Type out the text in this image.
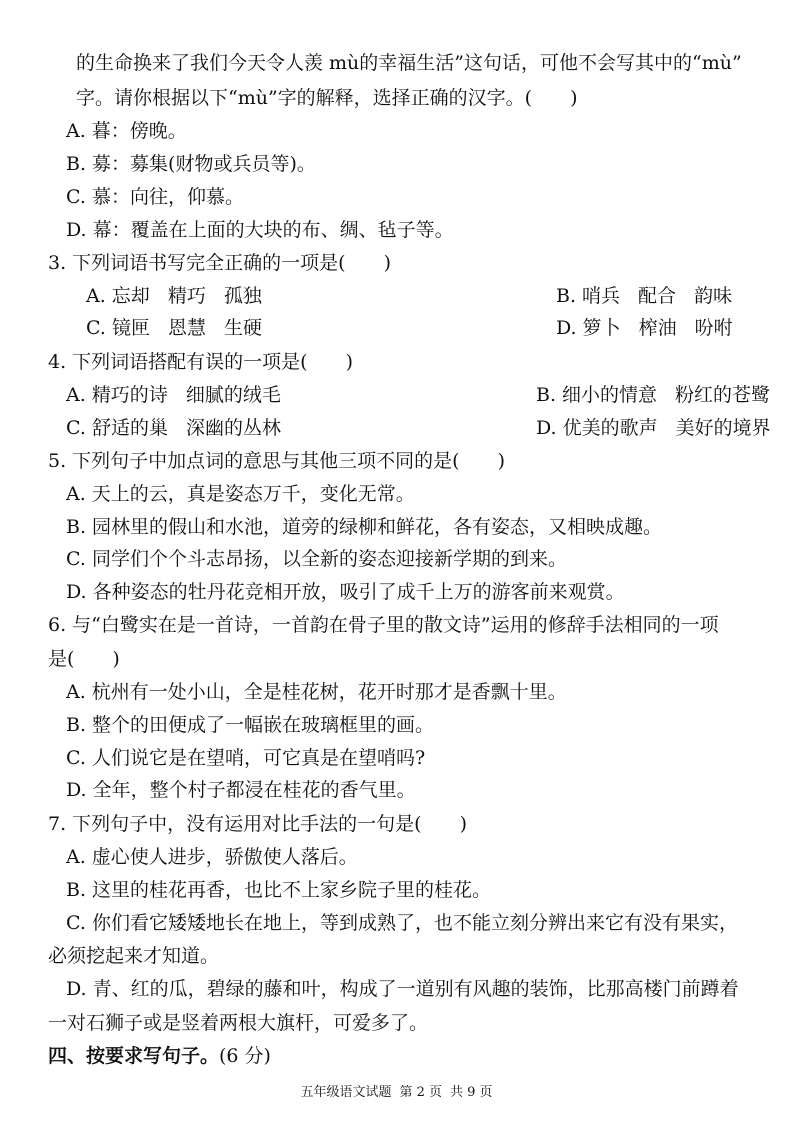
的生命换来了我们今天令人羡 mù的幸福生活”这句话，可他不会写其中的“mù”
字。请你根据以下“mù”字的解释，选择正确的汉字。(　　)
A. 暮：傍晚。
B. 募：募集(财物或兵员等)。
C. 慕：向往，仰慕。
D. 幕：覆盖在上面的大块的布、绸、毡子等。
3. 下列词语书写完全正确的一项是(　　)
A. 忘却 精巧 孤独	B. 哨兵 配合 韵味
C. 镜匣 恩慧 生硬	D. 箩卜 榨油 吩咐
4. 下列词语搭配有误的一项是(　　)
A. 精巧的诗 细腻的绒毛	B. 细小的情意 粉红的苍鹭
C. 舒适的巢 深幽的丛林	D. 优美的歌声 美好的境界
5. 下列句子中加点词的意思与其他三项不同的是(　　)
A. 天上的云，真是姿态万千，变化无常。
B. 园林里的假山和水池，道旁的绿柳和鲜花，各有姿态，又相映成趣。
C. 同学们个个斗志昂扬，以全新的姿态迎接新学期的到来。
D. 各种姿态的牡丹花竞相开放，吸引了成千上万的游客前来观赏。
6. 与“白鹭实在是一首诗，一首韵在骨子里的散文诗”运用的修辞手法相同的一项
是(　　)
A. 杭州有一处小山，全是桂花树，花开时那才是香飘十里。
B. 整个的田便成了一幅嵌在玻璃框里的画。
C. 人们说它是在望哨，可它真是在望哨吗?
D. 全年，整个村子都浸在桂花的香气里。
7. 下列句子中，没有运用对比手法的一句是(　　)
A. 虚心使人进步，骄傲使人落后。
B. 这里的桂花再香，也比不上家乡院子里的桂花。
C. 你们看它矮矮地长在地上，等到成熟了，也不能立刻分辨出来它有没有果实，
必须挖起来才知道。
D. 青、红的瓜，碧绿的藤和叶，构成了一道别有风趣的装饰，比那高楼门前蹲着
一对石狮子或是竖着两根大旗杆，可爱多了。
四、按要求写句子。(6 分)
五年级语文试题 第 2 页 共 9 页
